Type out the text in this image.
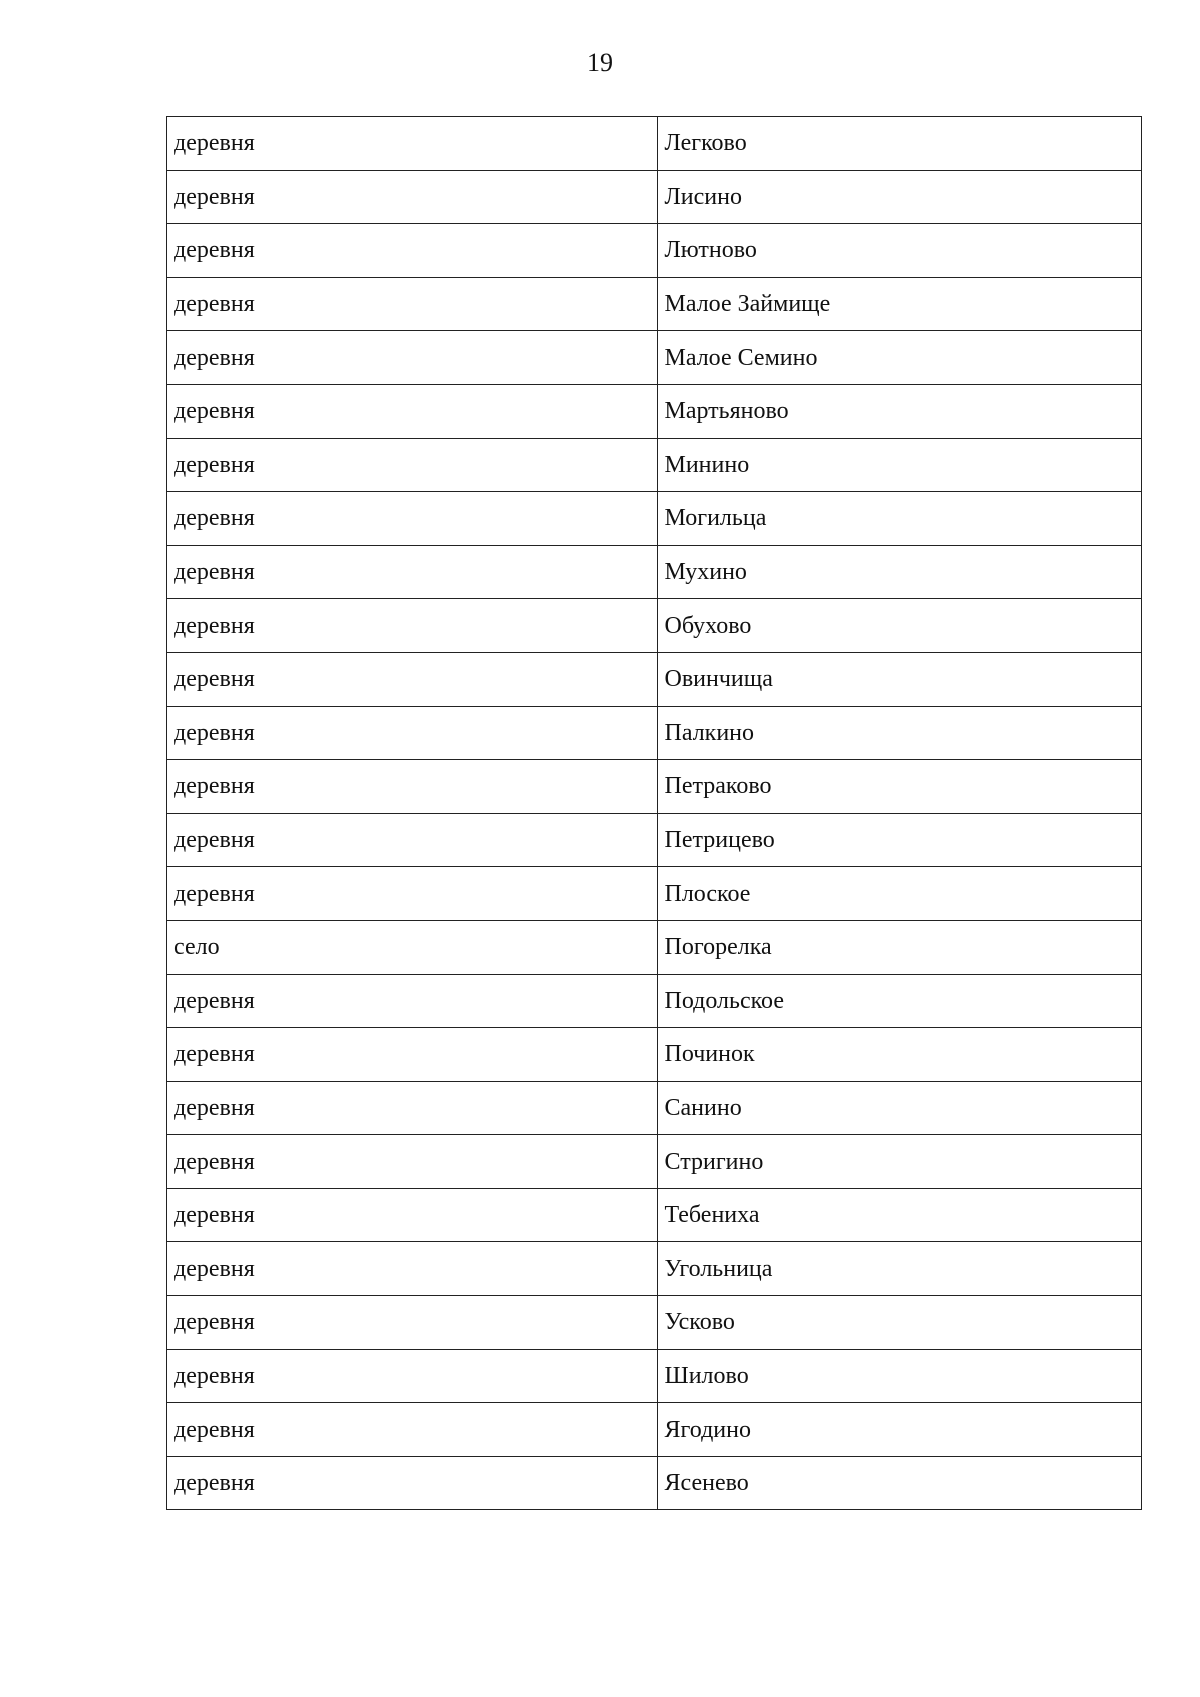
19
деревня	Легково
деревня	Лисино
деревня	Лютново
деревня	Малое Займище
деревня	Малое Семино
деревня	Мартьяново
деревня	Минино
деревня	Могильца
деревня	Мухино
деревня	Обухово
деревня	Овинчища
деревня	Палкино
деревня	Петраково
деревня	Петрицево
деревня	Плоское
село	Погорелка
деревня	Подольское
деревня	Починок
деревня	Санино
деревня	Стригино
деревня	Тебениха
деревня	Угольница
деревня	Усково
деревня	Шилово
деревня	Ягодино
деревня	Ясенево
